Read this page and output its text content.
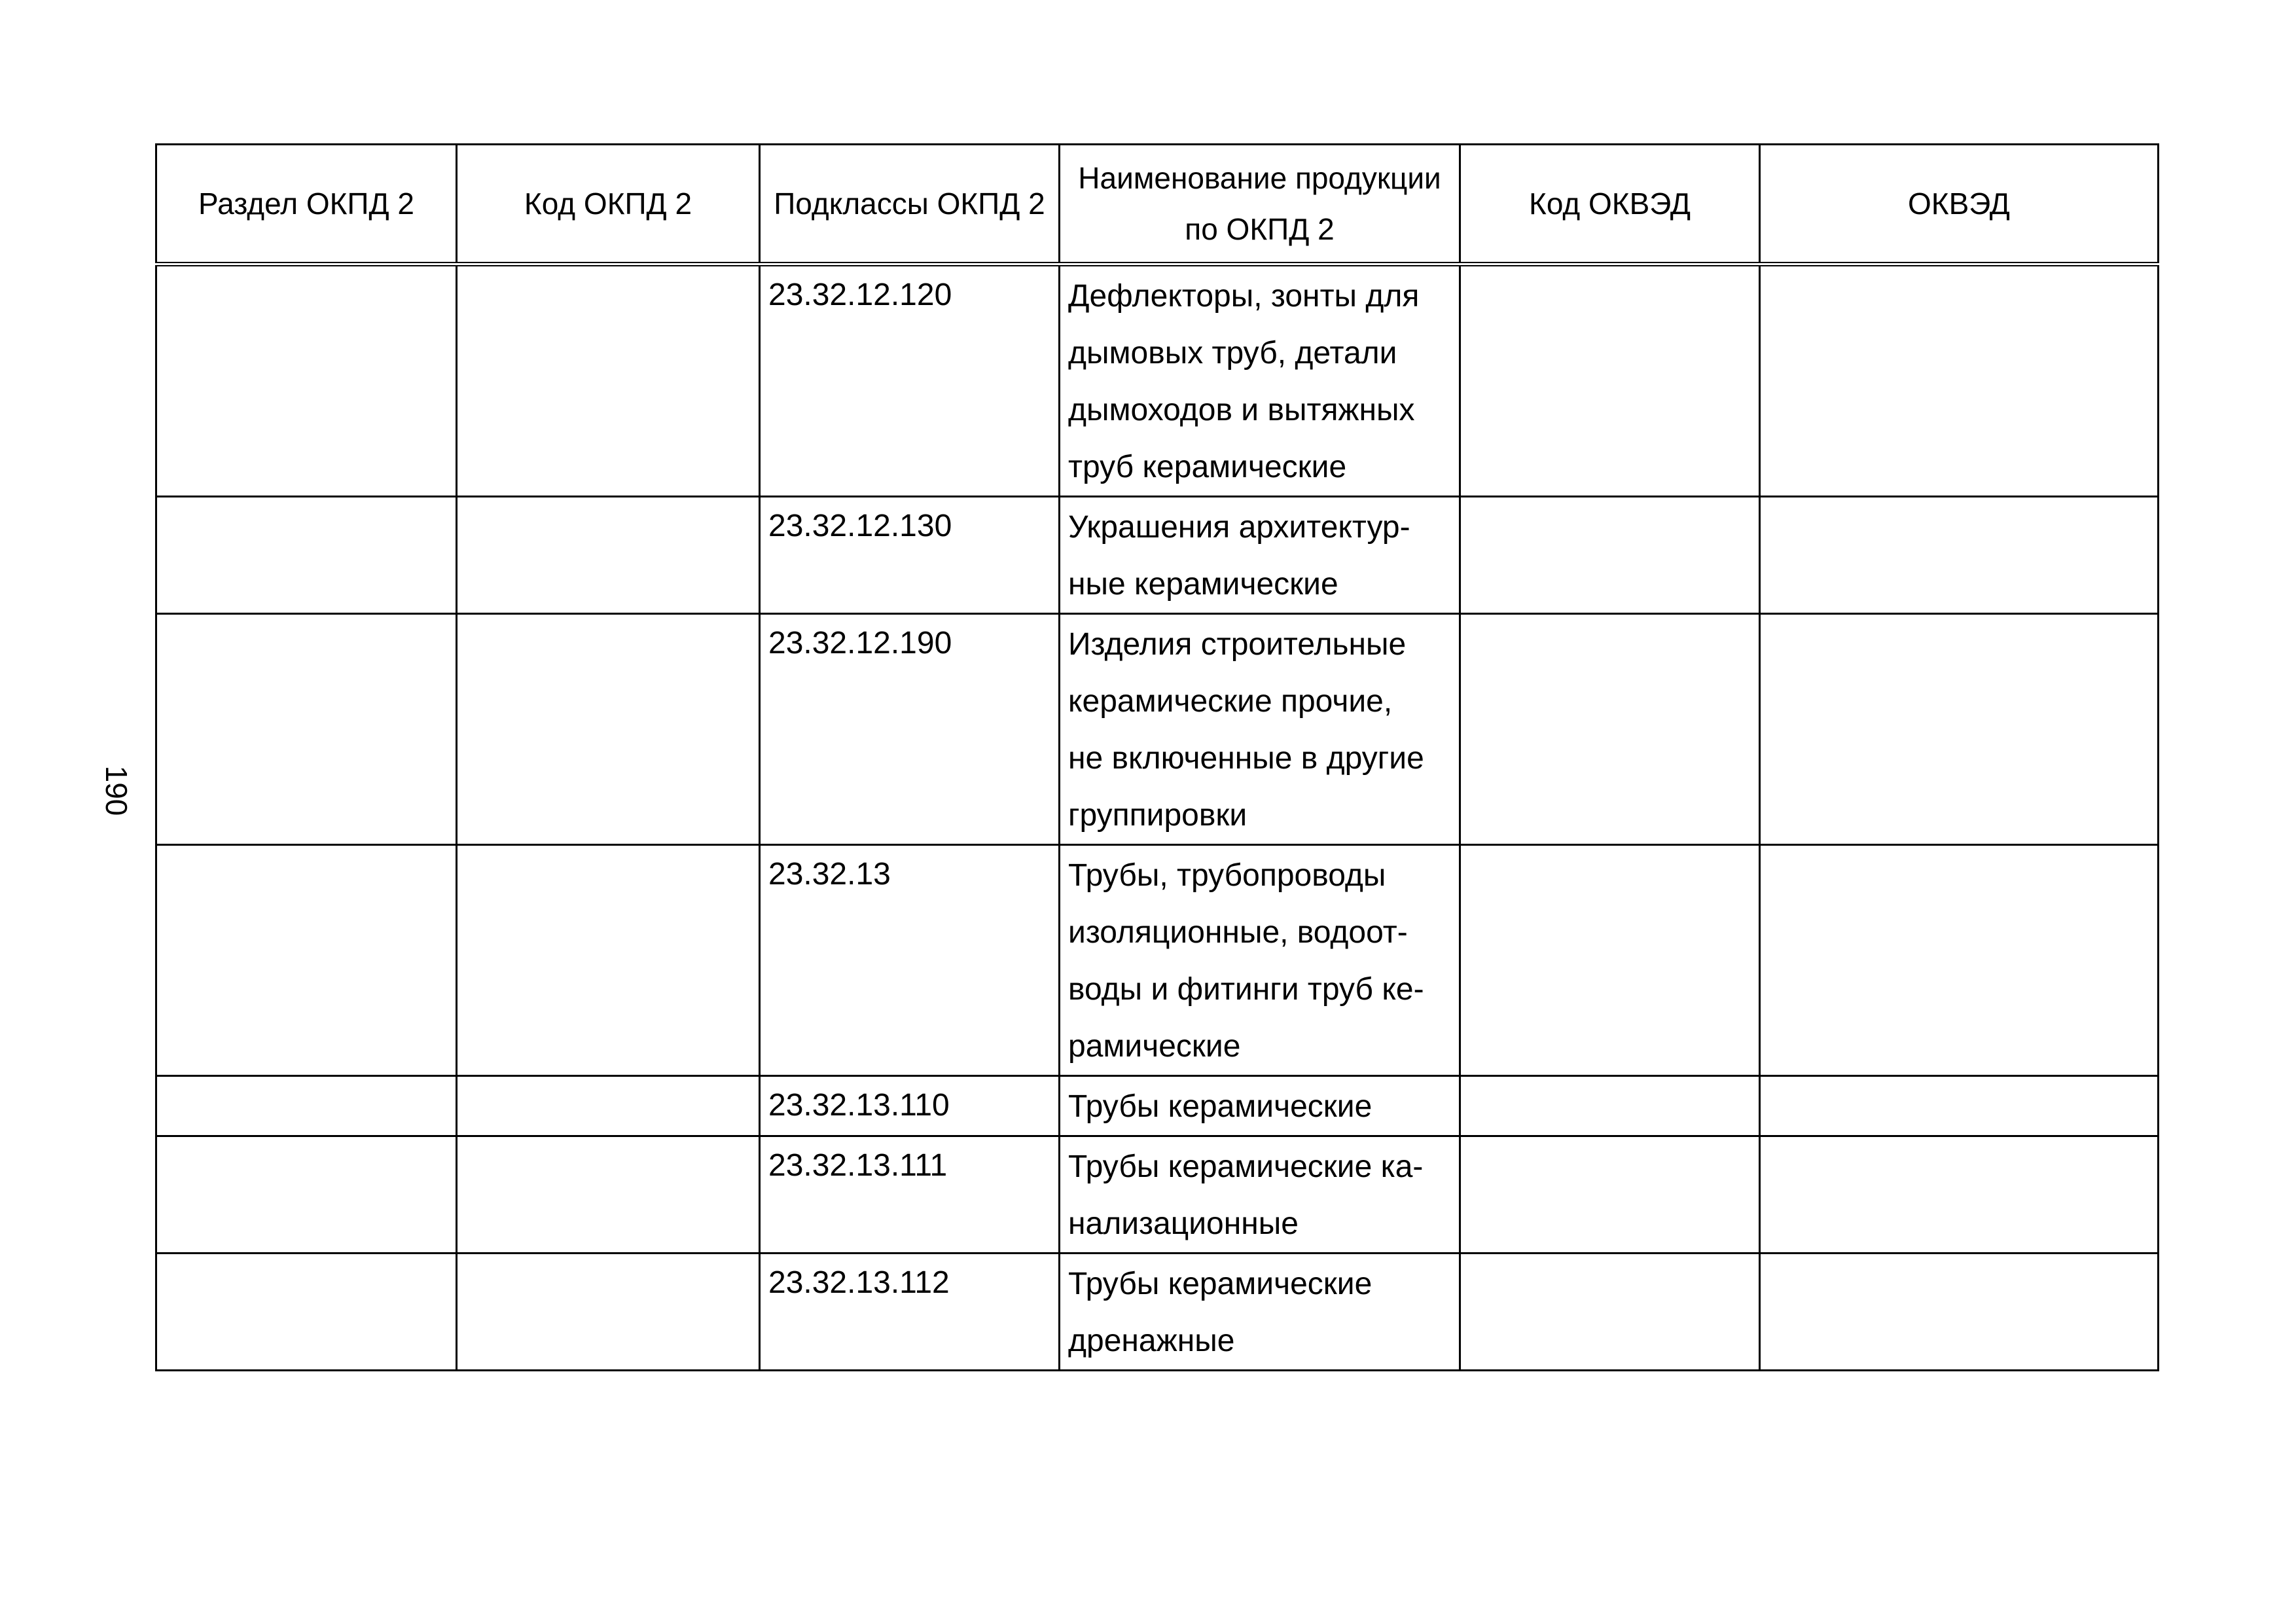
190
Раздел ОКПД 2	Код ОКПД 2	Подклассы ОКПД 2	Наименование продукции
по ОКПД 2	Код ОКВЭД	ОКВЭД

		23.32.12.120	Дефлекторы, зонты для
дымовых труб, детали
дымоходов и вытяжных
труб керамические		

		23.32.12.130	Украшения архитектур-
ные керамические		

		23.32.12.190	Изделия строительные
керамические прочие,
не включенные в другие
группировки		

		23.32.13	Трубы, трубопроводы
изоляционные, водоот-
воды и фитинги труб ке-
рамические		

		23.32.13.110	Трубы керамические		

		23.32.13.111	Трубы керамические ка-
нализационные		

		23.32.13.112	Трубы керамические
дренажные		
